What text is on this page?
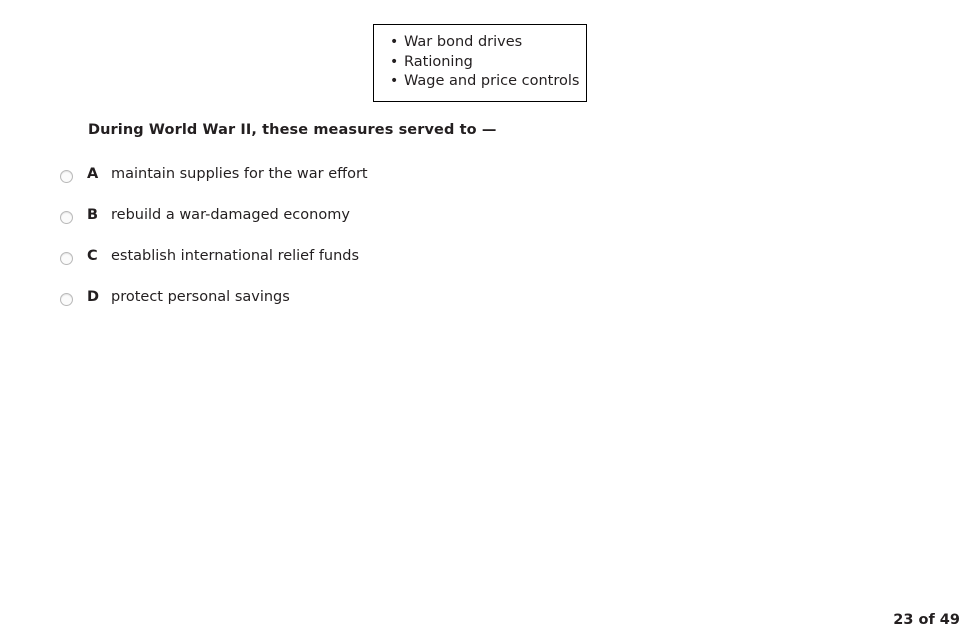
• War bond drives
• Rationing
• Wage and price controls
During World War II, these measures served to —
A maintain supplies for the war effort
B rebuild a war-damaged economy
C establish international relief funds
D protect personal savings
23 of 49
